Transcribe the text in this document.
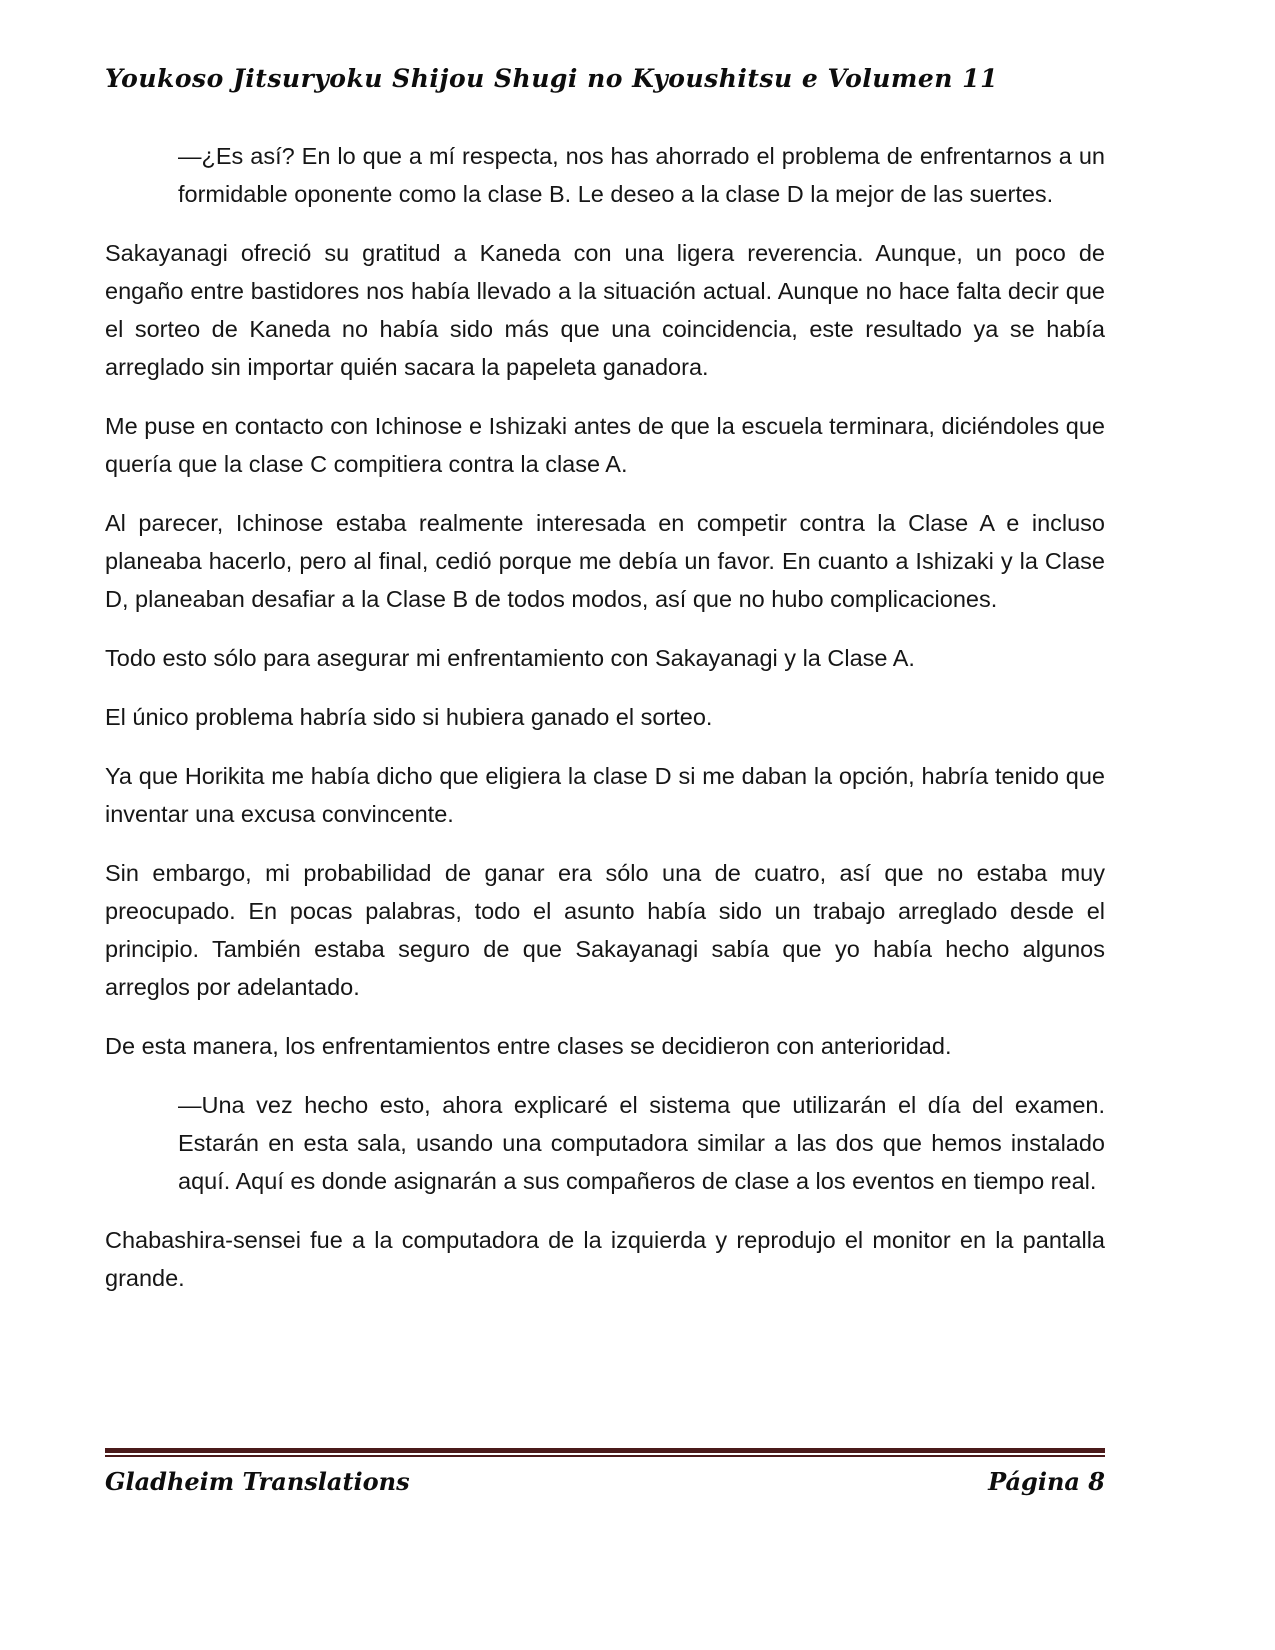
Youkoso Jitsuryoku Shijou Shugi no Kyoushitsu e Volumen 11

—¿Es así? En lo que a mí respecta, nos has ahorrado el problema de enfrentarnos a un formidable oponente como la clase B. Le deseo a la clase D la mejor de las suertes.

Sakayanagi ofreció su gratitud a Kaneda con una ligera reverencia. Aunque, un poco de engaño entre bastidores nos había llevado a la situación actual. Aunque no hace falta decir que el sorteo de Kaneda no había sido más que una coincidencia, este resultado ya se había arreglado sin importar quién sacara la papeleta ganadora.

Me puse en contacto con Ichinose e Ishizaki antes de que la escuela terminara, diciéndoles que quería que la clase C compitiera contra la clase A.

Al parecer, Ichinose estaba realmente interesada en competir contra la Clase A e incluso planeaba hacerlo, pero al final, cedió porque me debía un favor. En cuanto a Ishizaki y la Clase D, planeaban desafiar a la Clase B de todos modos, así que no hubo complicaciones.

Todo esto sólo para asegurar mi enfrentamiento con Sakayanagi y la Clase A.

El único problema habría sido si hubiera ganado el sorteo.

Ya que Horikita me había dicho que eligiera la clase D si me daban la opción, habría tenido que inventar una excusa convincente.

Sin embargo, mi probabilidad de ganar era sólo una de cuatro, así que no estaba muy preocupado. En pocas palabras, todo el asunto había sido un trabajo arreglado desde el principio. También estaba seguro de que Sakayanagi sabía que yo había hecho algunos arreglos por adelantado.

De esta manera, los enfrentamientos entre clases se decidieron con anterioridad.

—Una vez hecho esto, ahora explicaré el sistema que utilizarán el día del examen. Estarán en esta sala, usando una computadora similar a las dos que hemos instalado aquí. Aquí es donde asignarán a sus compañeros de clase a los eventos en tiempo real.

Chabashira-sensei fue a la computadora de la izquierda y reprodujo el monitor en la pantalla grande.

Gladheim Translations	Página 8
